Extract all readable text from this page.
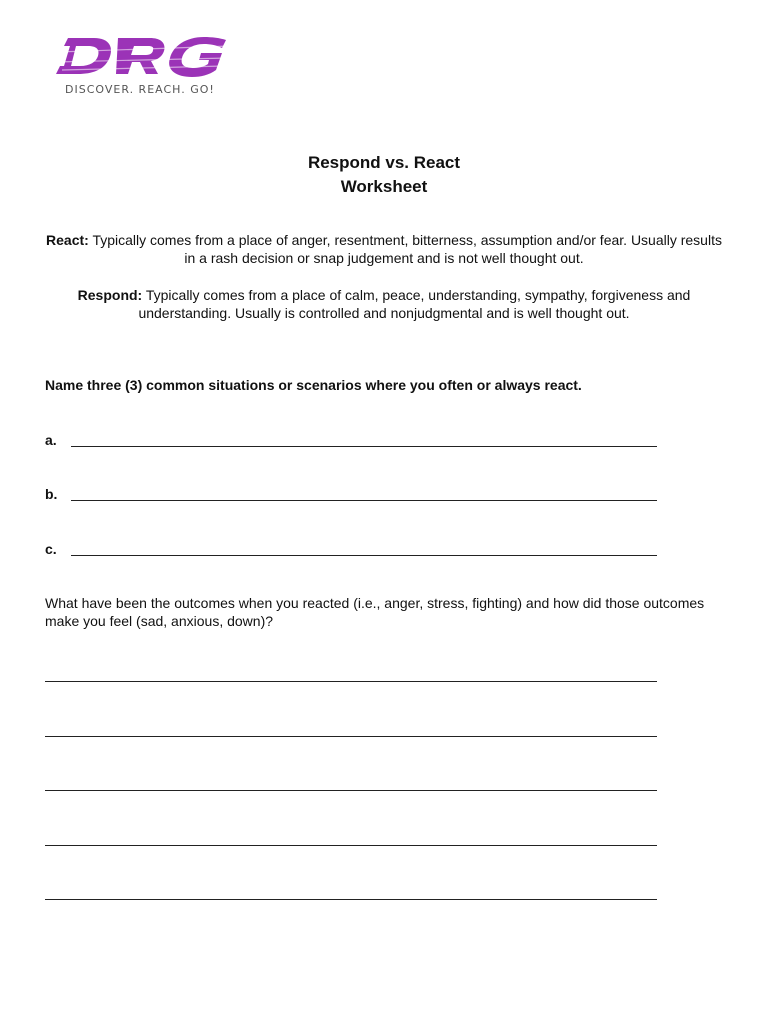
DISCOVER. REACH. GO!
Respond vs. React
Worksheet
React: Typically comes from a place of anger, resentment, bitterness, assumption and/or fear. Usually results in a rash decision or snap judgement and is not well thought out.
Respond: Typically comes from a place of calm, peace, understanding, sympathy, forgiveness and understanding. Usually is controlled and nonjudgmental and is well thought out.
Name three (3) common situations or scenarios where you often or always react.
a.
b.
c.
What have been the outcomes when you reacted (i.e., anger, stress, fighting) and how did those outcomes make you feel (sad, anxious, down)?
